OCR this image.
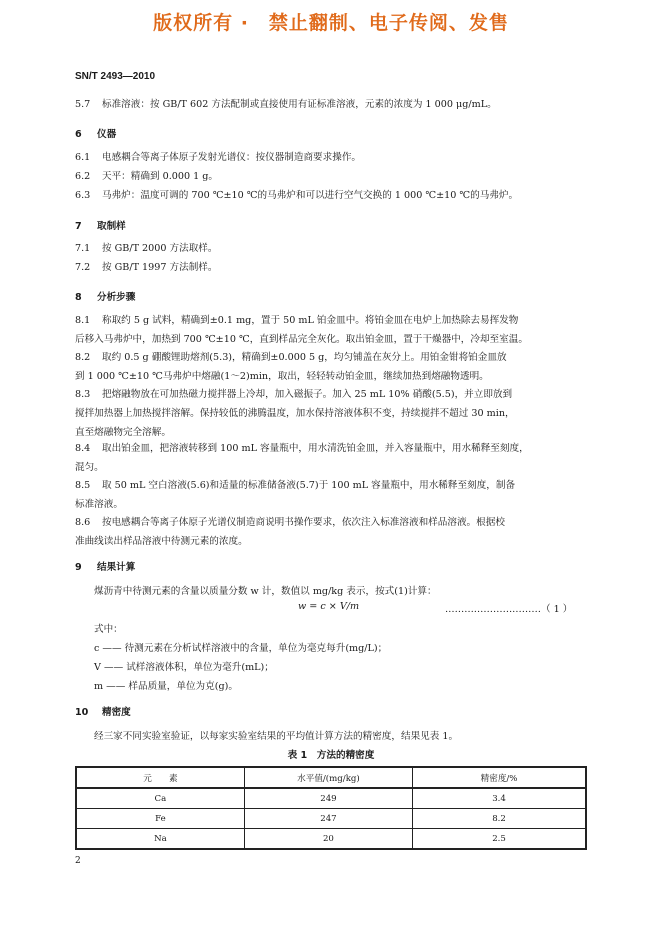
版权所有 ·　禁止翻制、电子传阅、发售
SN/T 2493—2010
5.7 标准溶液：按 GB/T 602 方法配制或直接使用有证标准溶液，元素的浓度为 1 000 μg/mL。
6 仪器
6.1 电感耦合等离子体原子发射光谱仪：按仪器制造商要求操作。
6.2 天平：精确到 0.000 1 g。
6.3 马弗炉：温度可调的 700 ℃±10 ℃的马弗炉和可以进行空气交换的 1 000 ℃±10 ℃的马弗炉。
7 取制样
7.1 按 GB/T 2000 方法取样。
7.2 按 GB/T 1997 方法制样。
8 分析步骤
8.1 称取约 5 g 试料，精确到±0.1 mg，置于 50 mL 铂金皿中。将铂金皿在电炉上加热除去易挥发物
后移入马弗炉中，加热到 700 ℃±10 ℃，直到样品完全灰化。取出铂金皿，置于干燥器中，冷却至室温。
8.2 取约 0.5 g 硼酸锂助熔剂(5.3)，精确到±0.000 5 g，均匀铺盖在灰分上。用铂金钳将铂金皿放
到 1 000 ℃±10 ℃马弗炉中熔融(1～2)min，取出，轻轻转动铂金皿，继续加热到熔融物透明。
8.3 把熔融物放在可加热磁力搅拌器上冷却，加入磁振子。加入 25 mL 10% 硝酸(5.5)，并立即放到
搅拌加热器上加热搅拌溶解。保持较低的沸腾温度，加水保持溶液体积不变，持续搅拌不超过 30 min，
直至熔融物完全溶解。
8.4 取出铂金皿，把溶液转移到 100 mL 容量瓶中，用水清洗铂金皿，并入容量瓶中，用水稀释至刻度，
混匀。
8.5 取 50 mL 空白溶液(5.6)和适量的标准储备液(5.7)于 100 mL 容量瓶中，用水稀释至刻度，制备
标准溶液。
8.6 按电感耦合等离子体原子光谱仪制造商说明书操作要求，依次注入标准溶液和样品溶液。根据校
准曲线读出样品溶液中待测元素的浓度。
9 结果计算
煤沥青中待测元素的含量以质量分数 w 计，数值以 mg/kg 表示，按式(1)计算：
w = c × V/m	…………………………（ 1 ）
式中：
c —— 待测元素在分析试样溶液中的含量，单位为毫克每升(mg/L)；
V —— 试样溶液体积，单位为毫升(mL)；
m —— 样品质量，单位为克(g)。
10 精密度
经三家不同实验室验证，以每家实验室结果的平均值计算方法的精密度，结果见表 1。
表 1　方法的精密度
元　　素	水平值/(mg/kg)	精密度/%
Ca	249	3.4
Fe	247	8.2
Na	20	2.5
2
